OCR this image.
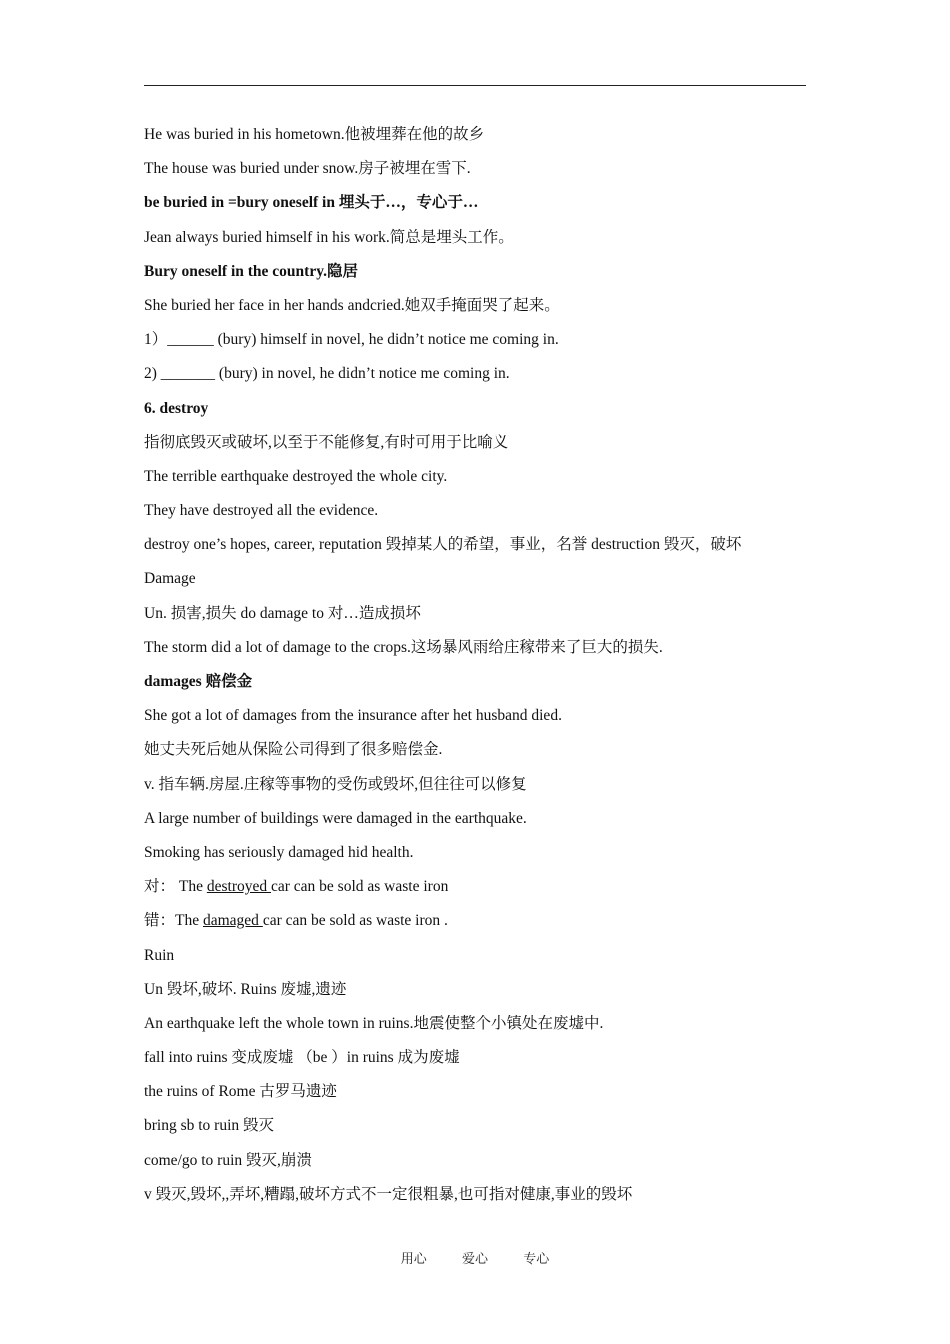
He was buried in his hometown.他被埋葬在他的故乡
The house was buried under snow.房子被埋在雪下.
be buried in =bury oneself in 埋头于…，专心于…
Jean always buried himself in his work.简总是埋头工作。
Bury oneself in the country.隐居
She buried her face in her hands andcried.她双手掩面哭了起来。
1）______ (bury) himself in novel, he didn’t notice me coming in.
2) _______ (bury) in novel, he didn’t notice me coming in.
6. destroy
指彻底毁灭或破坏,以至于不能修复,有时可用于比喻义
The terrible earthquake destroyed the whole city.
They have destroyed all the evidence.
destroy one’s hopes, career, reputation 毁掉某人的希望，事业，名誉 destruction 毁灭，破坏
Damage
Un. 损害,损失 do damage to 对…造成损坏
The storm did a lot of damage to the crops.这场暴风雨给庄稼带来了巨大的损失.
damages 赔偿金
She got a lot of damages from the insurance after het husband died.
她丈夫死后她从保险公司得到了很多赔偿金.
v. 指车辆.房屋.庄稼等事物的受伤或毁坏,但往往可以修复
A large number of buildings were damaged in the earthquake.
Smoking has seriously damaged hid health.
对： The destroyed car can be sold as waste iron
错：The damaged car can be sold as waste iron .
Ruin
Un 毁坏,破坏. Ruins 废墟,遗迹
An earthquake left the whole town in ruins.地震使整个小镇处在废墟中.
fall into ruins 变成废墟 （be ）in ruins 成为废墟
the ruins of Rome 古罗马遗迹
bring sb to ruin 毁灭
come/go to ruin 毁灭,崩溃
v 毁灭,毁坏,,弄坏,糟蹋,破坏方式不一定很粗暴,也可指对健康,事业的毁坏
用心	爱心	专心
